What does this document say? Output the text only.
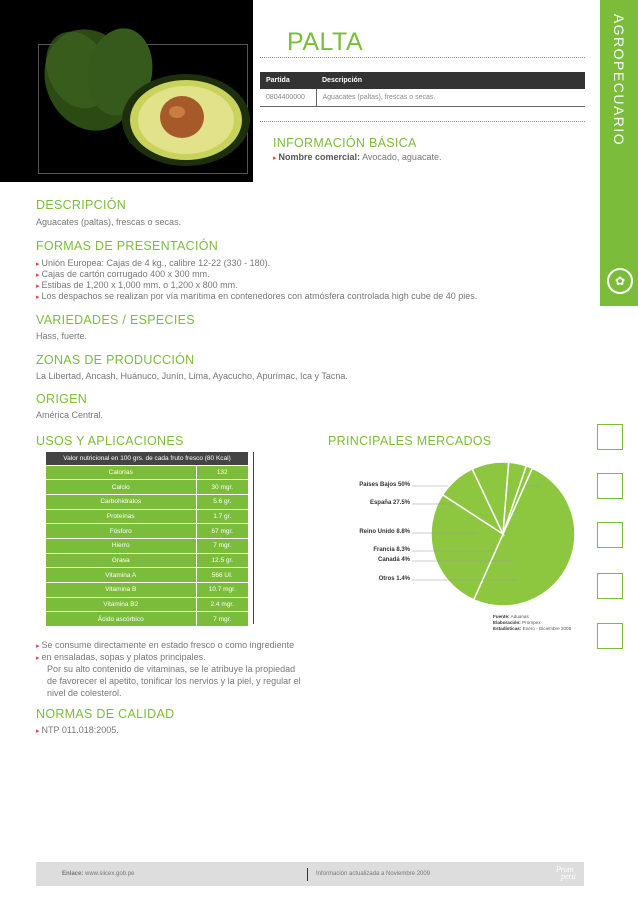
PALTA
Partida	Descripción
0804400000	Aguacates (paltas), frescas o secas.	AGROPECUARIO
✿
INFORMACIÓN BÁSICA
▸ Nombre comercial: Avocado, aguacate.
DESCRIPCIÓN
Aguacates (paltas), frescas o secas.
FORMAS DE PRESENTACIÓN
▸ Unión Europea: Cajas de 4 kg., calibre 12-22 (330 - 180).
▸ Cajas de cartón corrugado 400 x 300 mm.
▸ Estibas de 1,200 x 1,000 mm. o 1,200 x 800 mm.
▸ Los despachos se realizan por vía marítima en contenedores con atmósfera controlada high cube de 40 pies.
VARIEDADES / ESPECIES
Hass, fuerte.
ZONAS DE PRODUCCIÓN
La Libertad, Ancash, Huánuco, Junín, Lima, Ayacucho, Apurímac, Ica y Tacna.
ORIGEN
América Central.
USOS Y APLICACIONES
Valor nutricional en 100 grs. de cada fruto fresco (80 Kcal)	
Calorías	132
Calcio	30 mgr.
Carbohidratos	5.6 gr.
Proteínas	1.7 gr.
Fósforo	67 mgr.
Hierro	7 mgr.
Grasa	12.5 gr.
Vitamina A	566 UI.
Vitamina B	10.7 mgr.
Vitamina B2	2.4 mgr.
Ácido ascórbico	7 mgr.
▸ Se consume directamente en estado fresco o como ingrediente
▸ en ensaladas, sopas y platos principales.
Por su alto contenido de vitaminas, se le atribuye la propiedad
de favorecer el apetito, tonificar los nervios y la piel, y regular el
nivel de colesterol.
NORMAS DE CALIDAD
▸ NTP 011.018:2005.
PRINCIPALES MERCADOS
Países Bajos 50%
España 27.5%
Reino Unido 8.8%
Francia 8.3%
Canadá 4%
Otros 1.4%
Fuente: Aduanas
Elaboración: Prompex
Estadísticas: Enero - Diciembre 2006
Enlace: www.siicex.gob.pe	Información actualizada a Noviembre 2009	Prom
perú
